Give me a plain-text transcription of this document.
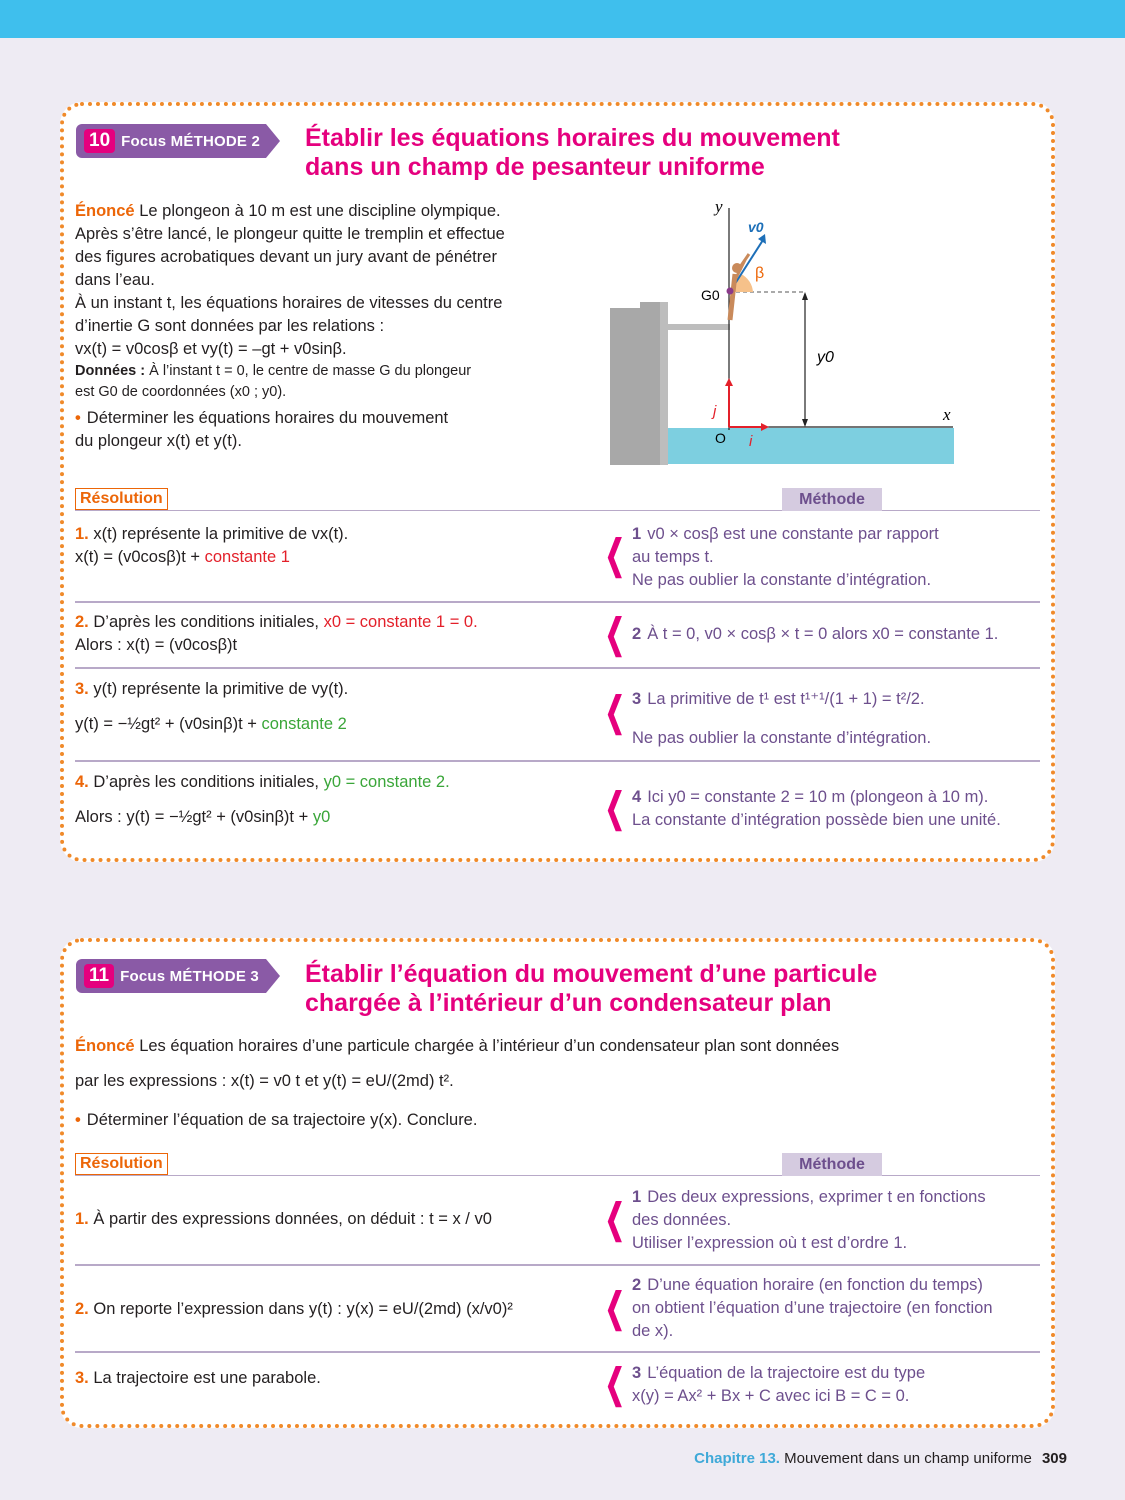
10 Focus MÉTHODE 2 Établir les équations horaires du mouvement
dans un champ de pesanteur uniforme
Énoncé Le plongeon à 10 m est une discipline olympique.
Après s’être lancé, le plongeur quitte le tremplin et effectue
des figures acrobatiques devant un jury avant de pénétrer
dans l’eau.
À un instant t, les équations horaires de vitesses du centre
d’inertie G sont données par les relations :
vx(t) = v0cosβ et vy(t) = –gt + v0sinβ.
Données : À l’instant t = 0, le centre de masse G du plongeur
est G0 de coordonnées (x0 ; y0).
• Déterminer les équations horaires du mouvement
du plongeur x(t) et y(t).
y
x
j
i
O
y0
β
v0
G0
Résolution	Méthode
1. x(t) représente la primitive de vx(t).
x(t) = (v0cosβ)t + constante 1	❮ 1 v0 × cosβ est une constante par rapport
au temps t.
Ne pas oublier la constante d’intégration.
2. D’après les conditions initiales, x0 = constante 1 = 0.
Alors : x(t) = (v0cosβ)t	❮ 2 À t = 0, v0 × cosβ × t = 0 alors x0 = constante 1.
3. y(t) représente la primitive de vy(t).
y(t) = −½gt² + (v0sinβ)t + constante 2	❮ 3 La primitive de t¹ est t¹⁺¹/(1 + 1) = t²/2.
Ne pas oublier la constante d’intégration.
4. D’après les conditions initiales, y0 = constante 2.
Alors : y(t) = −½gt² + (v0sinβ)t + y0	❮ 4 Ici y0 = constante 2 = 10 m (plongeon à 10 m).
La constante d’intégration possède bien une unité.
11 Focus MÉTHODE 3 Établir l’équation du mouvement d’une particule
chargée à l’intérieur d’un condensateur plan
Énoncé Les équation horaires d’une particule chargée à l’intérieur d’un condensateur plan sont données
par les expressions : x(t) = v0 t et y(t) = eU/(2md) t².
• Déterminer l’équation de sa trajectoire y(x). Conclure.
Résolution	Méthode
1. À partir des expressions données, on déduit : t = x / v0	❮ 1 Des deux expressions, exprimer t en fonctions
des données.
Utiliser l’expression où t est d’ordre 1.
2. On reporte l’expression dans y(t) : y(x) = eU/(2md) (x/v0)²	❮
2 D’une équation horaire (en fonction du temps)
on obtient l’équation d’une trajectoire (en fonction
de x).
3. La trajectoire est une parabole.	❮ 3 L’équation de la trajectoire est du type
x(y) = Ax² + Bx + C avec ici B = C = 0.
Chapitre 13. Mouvement dans un champ uniforme 309
